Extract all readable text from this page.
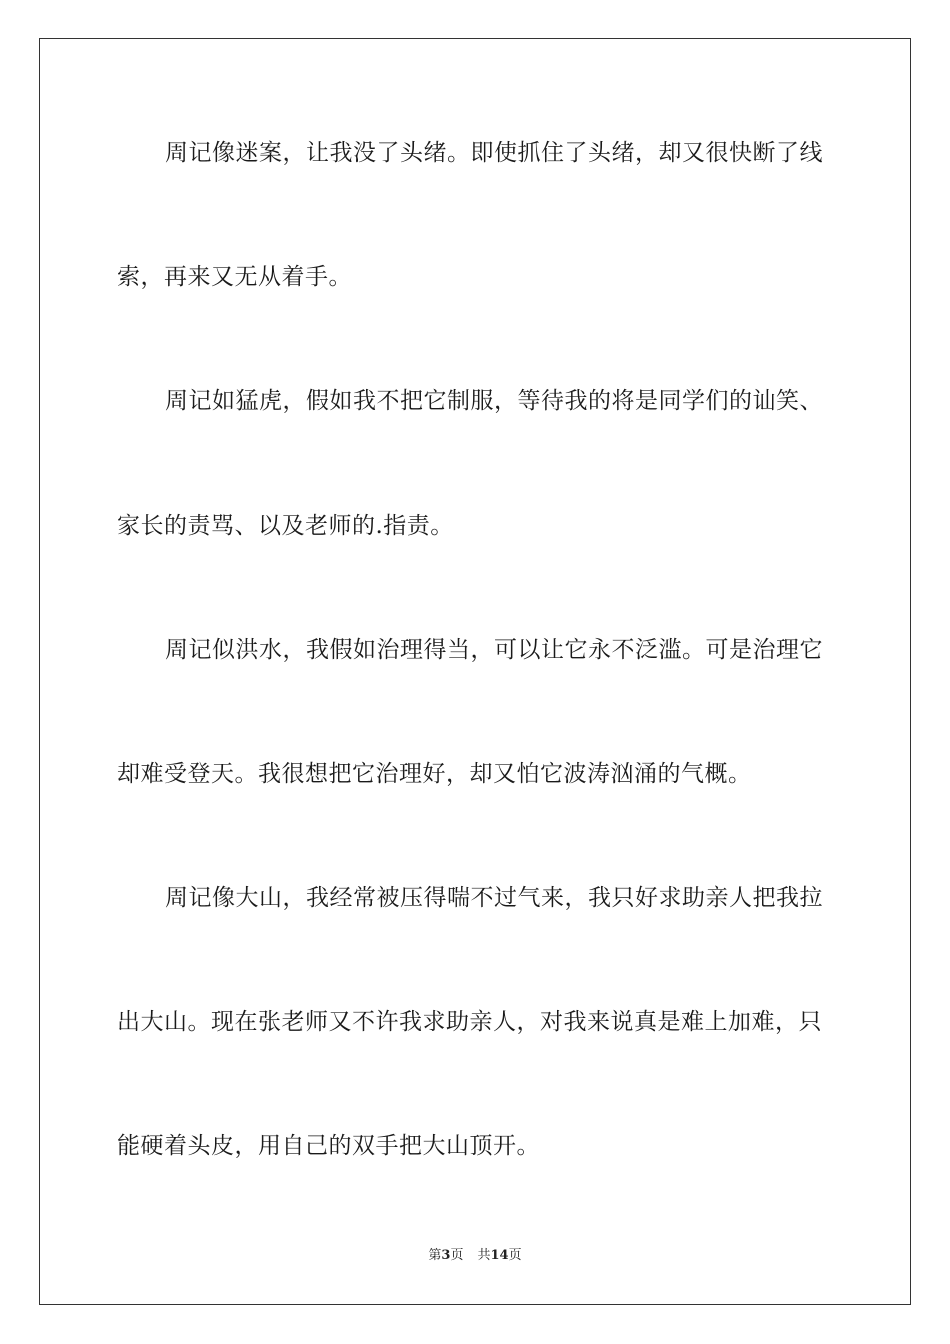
周记像迷案，让我没了头绪。即使抓住了头绪，却又很快断了线
索，再来又无从着手。
周记如猛虎，假如我不把它制服，等待我的将是同学们的讪笑、
家长的责骂、以及老师的.指责。
周记似洪水，我假如治理得当，可以让它永不泛滥。可是治理它
却难受登天。我很想把它治理好，却又怕它波涛汹涌的气概。
周记像大山，我经常被压得喘不过气来，我只好求助亲人把我拉
出大山。现在张老师又不许我求助亲人，对我来说真是难上加难，只
能硬着头皮，用自己的双手把大山顶开。
第3页 共14页
